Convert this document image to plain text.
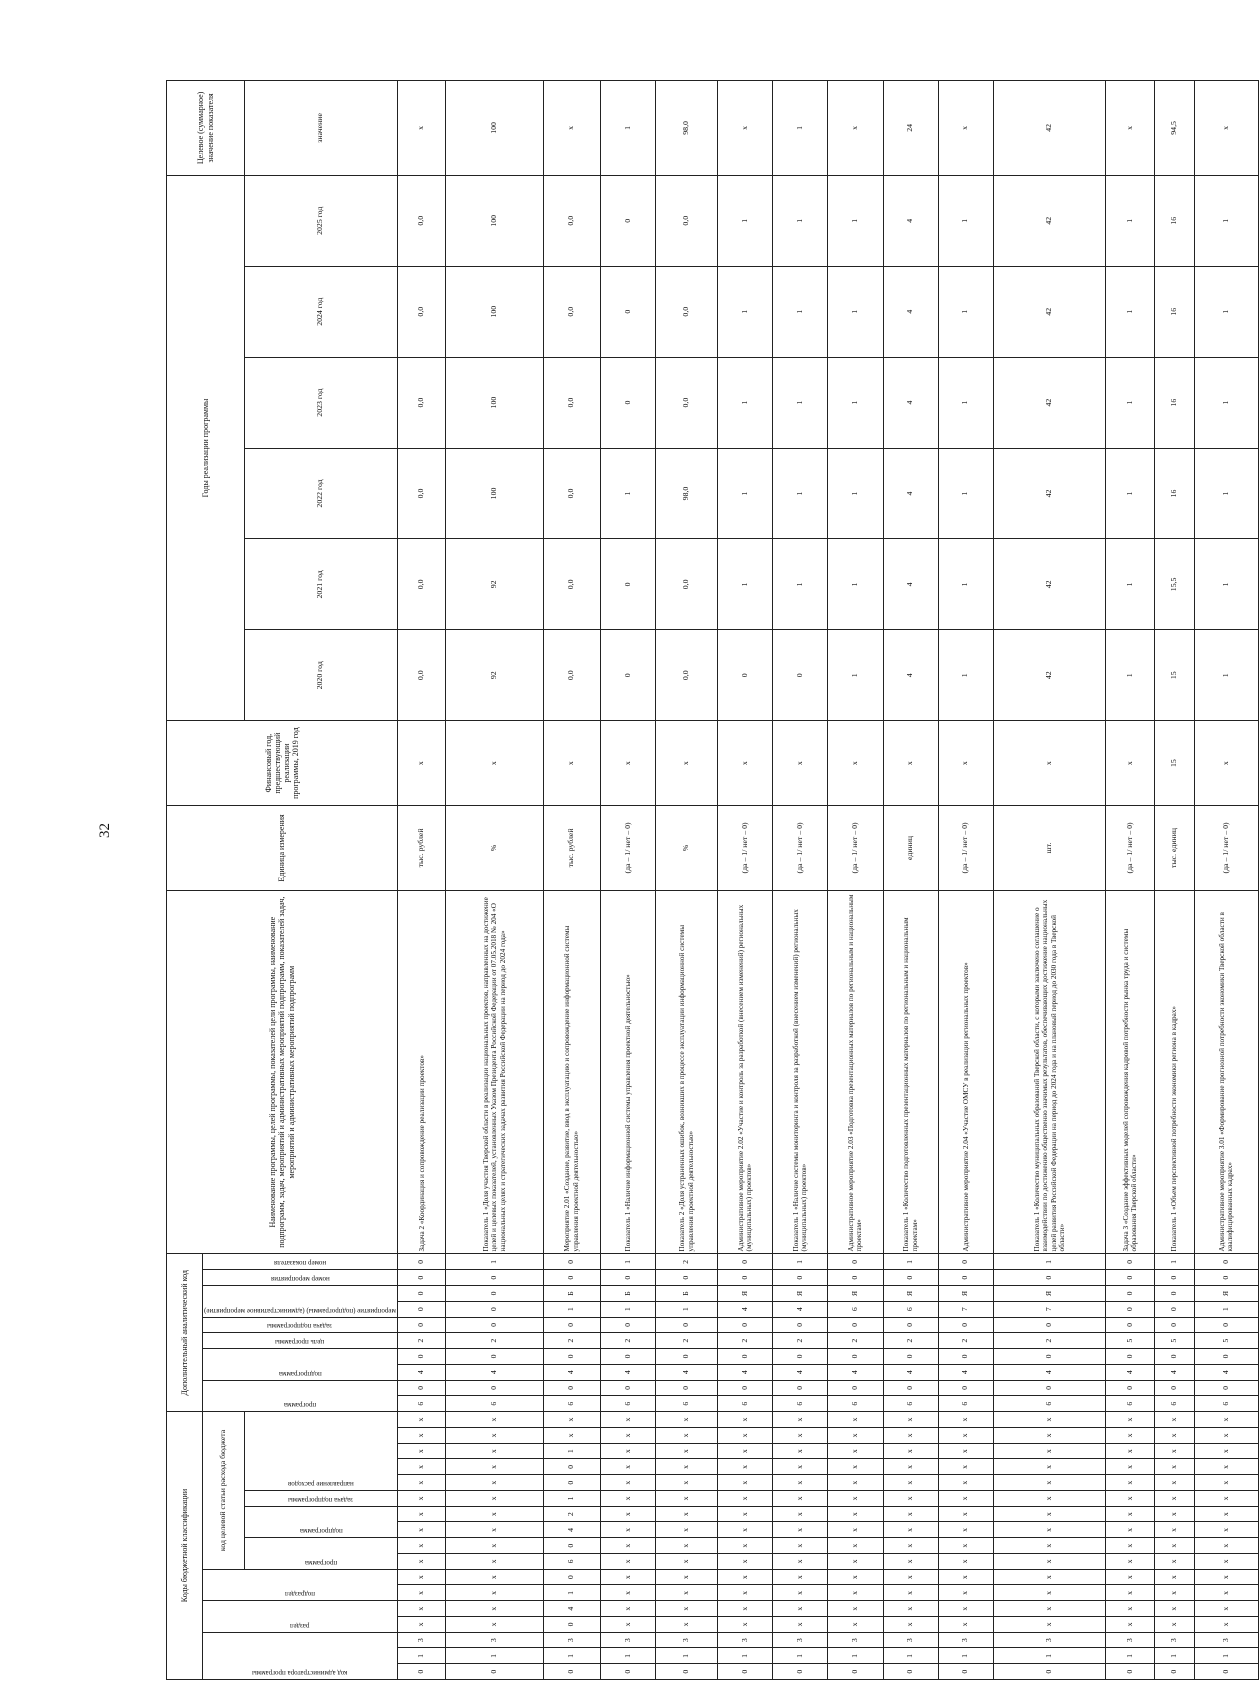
32
Коды бюджетной классификации																	Дополнительный аналитический код										Наименование программы, целей программы, показателей цели программы, наименование подпрограмм, задач, мероприятий и административных мероприятий подпрограмм, показателей задач, мероприятий и административных мероприятий подпрограмм	Единица измерения	Финансовый год, предшествующий реализации программы, 2019 год	Годы реализации программы						Целевое (суммарное) значение показателя

код администратора программы			раздел		подраздел		код целевой статьи расхода бюджета										программа		подпрограмма		цель программы	задача подпрограммы	мероприятие (подпрограммы) (административное мероприятие)		номер мероприятия	номер показателя										

							программа		подпрограмма		задача подпрограммы	направление расходов																		2020 год	2021 год	2022 год	2023 год	2024 год	2025 год	значение
0	1	3	x	x	x	x	x	x	x	x	x	x	x	x	x	x	6	0	4	0	2	0	0	0	0	0	Задача 2 «Координация и сопровождение реализации проектов»	тыс. рублей	x	0,0	0,0	0,0	0,0	0,0	0,0	x
0	1	3	x	x	x	x	x	x	x	x	x	x	x	x	x	x	6	0	4	0	2	0	0	0	0	1	Показатель 1 «Доля участия Тверской области в реализации национальных проектов, направленных на достижение целей и целевых показателей, установленных Указом Президента Российской Федерации от 07.05.2018 № 204 «О национальных целях и стратегических задачах развития Российской Федерации на период до 2024 года»	%	x	92	92	100	100	100	100	100
0	1	3	0	4	1	0	6	0	4	2	1	0	0	1	x	x	6	0	4	0	2	0	1	Б	0	0	Мероприятие 2.01 «Создание, развитие, ввод в эксплуатацию и сопровождение информационной системы управления проектной деятельностью»	тыс. рублей	x	0,0	0,0	0,0	0,0	0,0	0,0	x
0	1	3	x	x	x	x	x	x	x	x	x	x	x	x	x	x	6	0	4	0	2	0	1	Б	0	1	Показатель 1 «Наличие информационной системы управления проектной деятельностью»	(да – 1/ нет – 0)	x	0	0	1	0	0	0	1
0	1	3	x	x	x	x	x	x	x	x	x	x	x	x	x	x	6	0	4	0	2	0	1	Б	0	2	Показатель 2 «Доля устраненных ошибок, возникших в процессе эксплуатации информационной системы управления проектной деятельностью»	%	x	0,0	0,0	98,0	0,0	0,0	0,0	98,0
0	1	3	x	x	x	x	x	x	x	x	x	x	x	x	x	x	6	0	4	0	2	0	4	Я	0	0	Административное мероприятие 2.02 «Участие и контроль за разработкой (внесением изменений) региональных (муниципальных) проектов»	(да – 1/ нет – 0)	x	0	1	1	1	1	1	x
0	1	3	x	x	x	x	x	x	x	x	x	x	x	x	x	x	6	0	4	0	2	0	4	Я	0	1	Показатель 1 «Наличие системы мониторинга и контроля за разработкой (внесением изменений) региональных (муниципальных) проектов»	(да – 1/ нет – 0)	x	0	1	1	1	1	1	1
0	1	3	x	x	x	x	x	x	x	x	x	x	x	x	x	x	6	0	4	0	2	0	6	Я	0	0	Административное мероприятие 2.03 «Подготовка презентационных материалов по региональным и национальным проектам»	(да – 1/ нет – 0)	x	1	1	1	1	1	1	x
0	1	3	x	x	x	x	x	x	x	x	x	x	x	x	x	x	6	0	4	0	2	0	6	Я	0	1	Показатель 1 «Количество подготовленных презентационных материалов по региональным и национальным проектам»	единиц	x	4	4	4	4	4	4	24
0	1	3	x	x	x	x	x	x	x	x	x	x	x	x	x	x	6	0	4	0	2	0	7	Я	0	0	Административное мероприятие 2.04 «Участие ОМСУ в реализации региональных проектов»	(да – 1/ нет – 0)	x	1	1	1	1	1	1	x
0	1	3	x	x	x	x	x	x	x	x	x	x	x	x	x	x	6	0	4	0	2	0	7	Я	0	1	Показатель 1 «Количество муниципальных образований Тверской области, с которыми заключено соглашение о взаимодействии по достижению общественно значимых результатов, обеспечивающих достижение национальных целей развития Российской Федерации на период до 2024 года и на плановый период до 2030 года в Тверской области»	шт.	x	42	42	42	42	42	42	42
0	1	3	x	x	x	x	x	x	x	x	x	x	x	x	x	x	6	0	4	0	5	0	0	0	0	0	Задача 3 «Создание эффективных моделей сопровождения кадровой потребности рынка труда и системы образования Тверской области»	(да – 1/ нет – 0)	x	1	1	1	1	1	1	x
0	1	3	x	x	x	x	x	x	x	x	x	x	x	x	x	x	6	0	4	0	5	0	0	0	0	1	Показатель 1 «Объем перспективной потребности экономики региона в кадрах»	тыс. единиц	15	15	15,5	16	16	16	16	94,5
0	1	3	x	x	x	x	x	x	x	x	x	x	x	x	x	x	6	0	4	0	5	0	1	Я	0	0	Административное мероприятие 3.01 «Формирование прогнозной потребности экономики Тверской области в квалифицированных кадрах»	(да – 1/ нет – 0)	x	1	1	1	1	1	1	x
